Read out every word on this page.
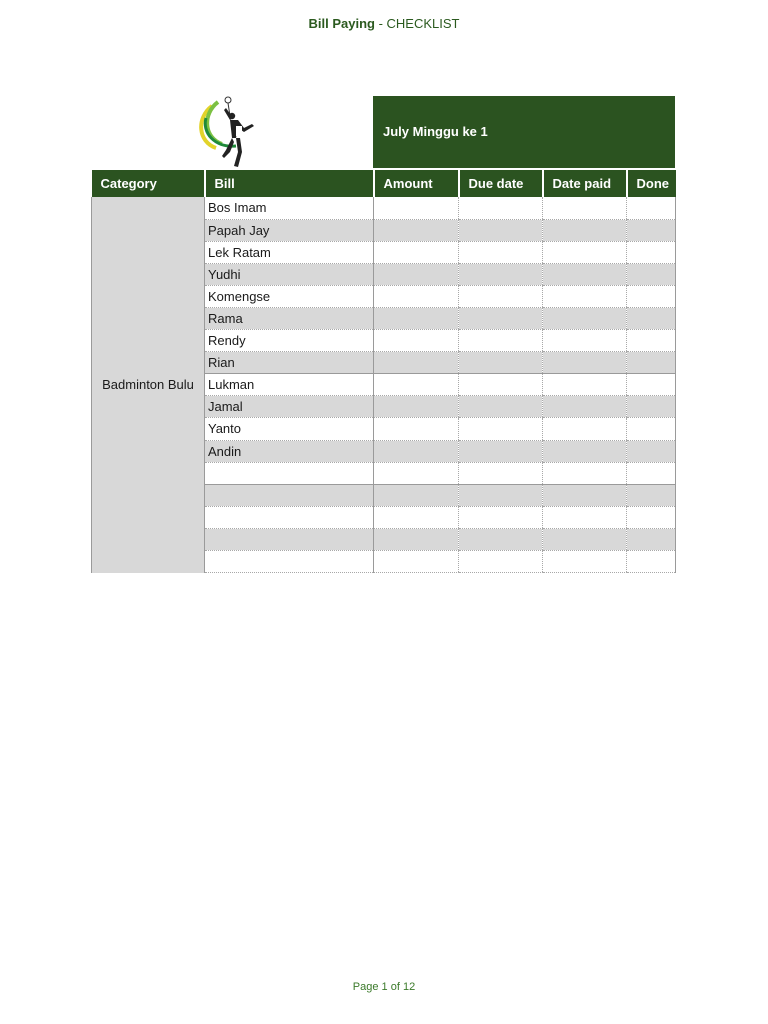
Bill Paying - CHECKLIST
July Minggu ke 1
Category	Bill	Amount	Due date	Date paid	Done
Badminton Bulu	Bos Imam				
	Papah Jay				
	Lek Ratam				
	Yudhi				
	Komengse				
	Rama				
	Rendy				
	Rian				
	Lukman				
	Jamal				
	Yanto				
	Andin				

Page 1 of 12
